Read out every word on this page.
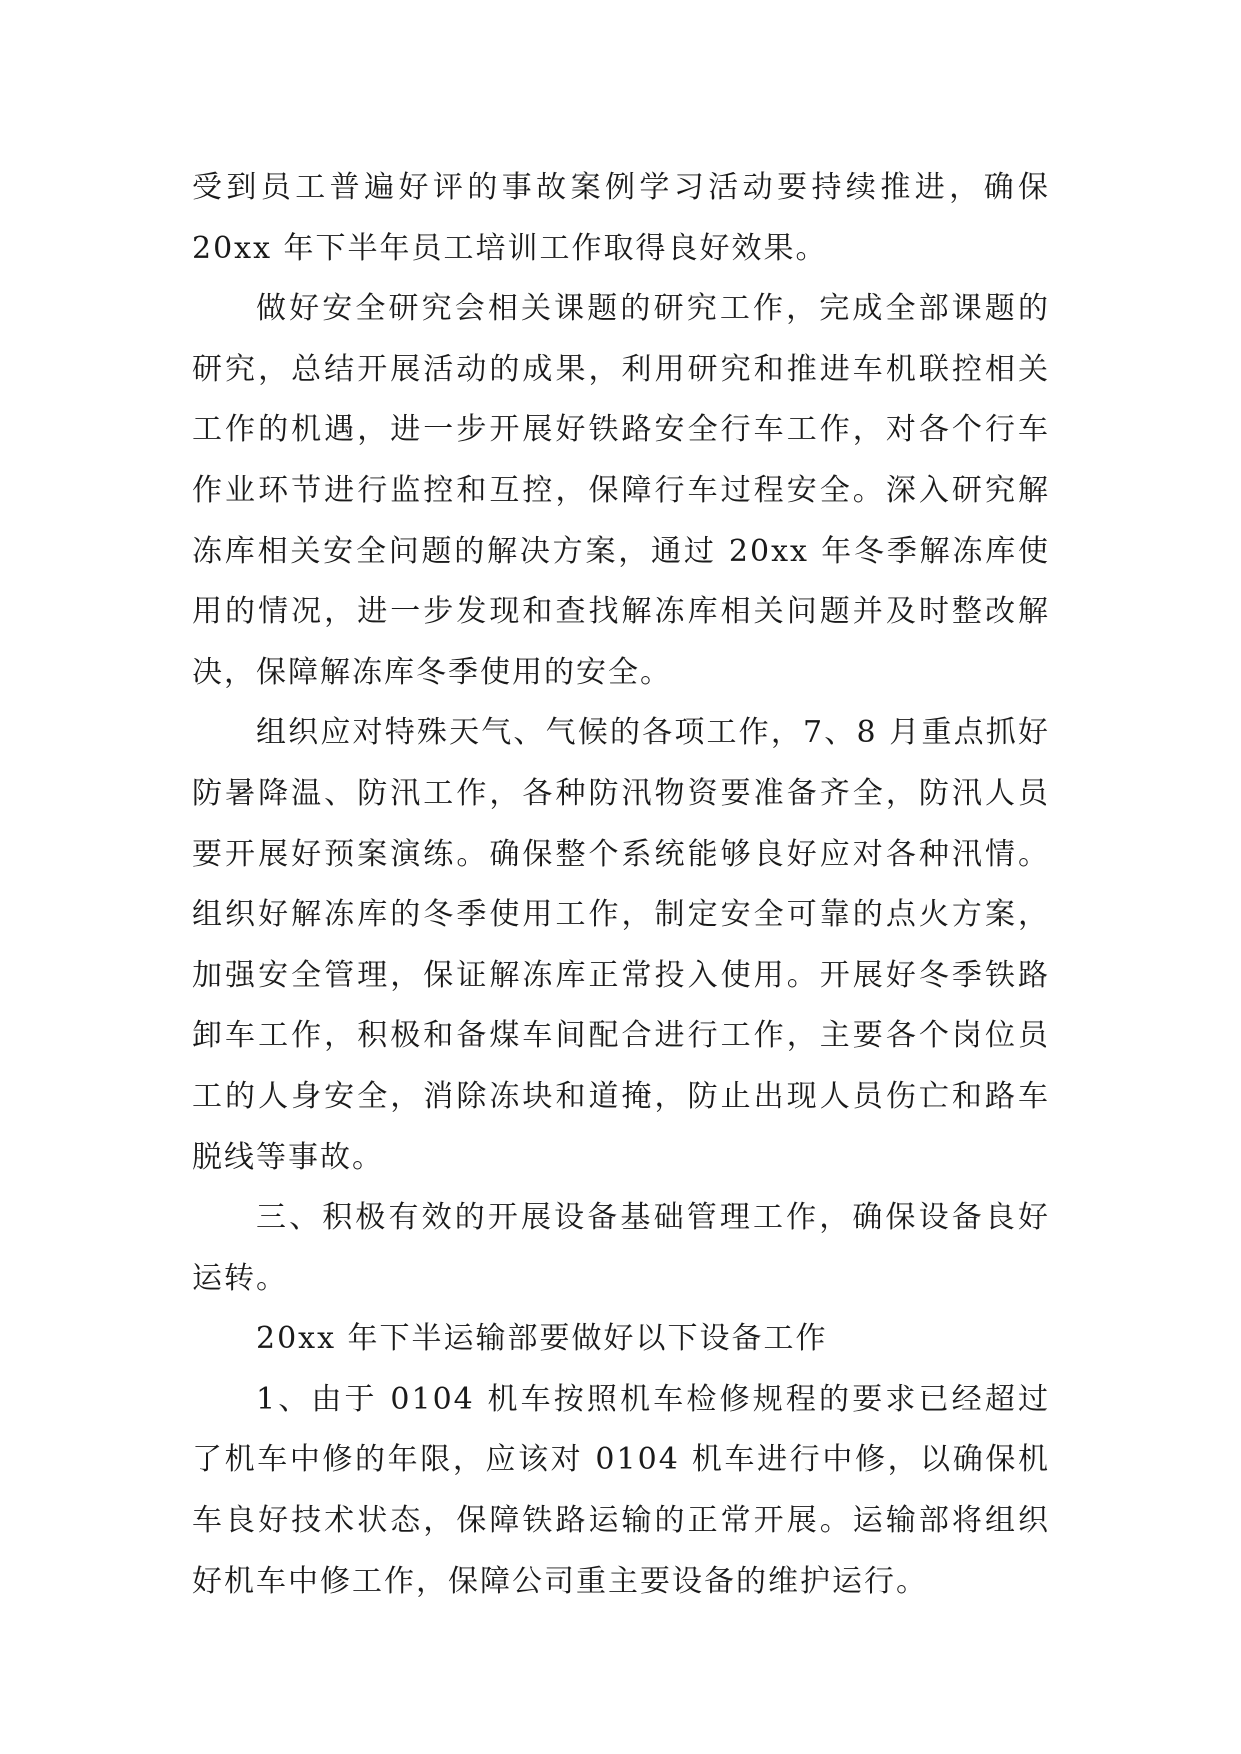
受到员工普遍好评的事故案例学习活动要持续推进，确保20xx 年下半年员工培训工作取得良好效果。

做好安全研究会相关课题的研究工作，完成全部课题的研究，总结开展活动的成果，利用研究和推进车机联控相关工作的机遇，进一步开展好铁路安全行车工作，对各个行车作业环节进行监控和互控，保障行车过程安全。深入研究解冻库相关安全问题的解决方案，通过 20xx 年冬季解冻库使用的情况，进一步发现和查找解冻库相关问题并及时整改解决，保障解冻库冬季使用的安全。

组织应对特殊天气、气候的各项工作，7、8 月重点抓好防暑降温、防汛工作，各种防汛物资要准备齐全，防汛人员要开展好预案演练。确保整个系统能够良好应对各种汛情。组织好解冻库的冬季使用工作，制定安全可靠的点火方案，加强安全管理，保证解冻库正常投入使用。开展好冬季铁路卸车工作，积极和备煤车间配合进行工作，主要各个岗位员工的人身安全，消除冻块和道掩，防止出现人员伤亡和路车脱线等事故。

三、积极有效的开展设备基础管理工作，确保设备良好运转。

20xx 年下半运输部要做好以下设备工作

1、由于 0104 机车按照机车检修规程的要求已经超过了机车中修的年限，应该对 0104 机车进行中修，以确保机车良好技术状态，保障铁路运输的正常开展。运输部将组织好机车中修工作，保障公司重主要设备的维护运行。
